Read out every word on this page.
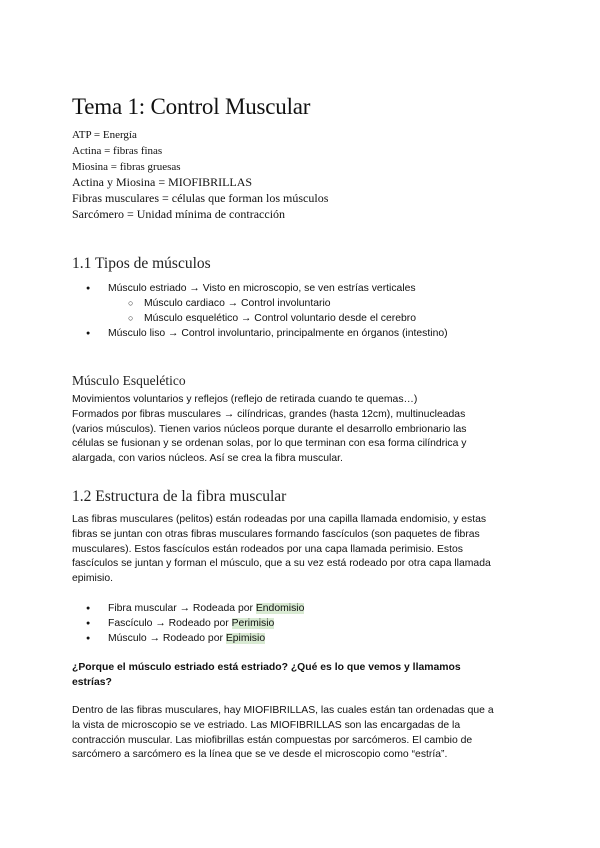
Tema 1: Control Muscular
ATP = Energía
Actina = fibras finas
Miosina = fibras gruesas
Actina y Miosina = MIOFIBRILLAS
Fibras musculares = células que forman los músculos
Sarcómero = Unidad mínima de contracción
1.1 Tipos de músculos
● Músculo estriado → Visto en microscopio, se ven estrías verticales
○ Músculo cardiaco → Control involuntario
○ Músculo esquelético → Control voluntario desde el cerebro
● Músculo liso → Control involuntario, principalmente en órganos (intestino)
Músculo Esquelético
Movimientos voluntarios y reflejos (reflejo de retirada cuando te quemas…)
Formados por fibras musculares → cilíndricas, grandes (hasta 12cm), multinucleadas
(varios músculos). Tienen varios núcleos porque durante el desarrollo embrionario las
células se fusionan y se ordenan solas, por lo que terminan con esa forma cilíndrica y
alargada, con varios núcleos. Así se crea la fibra muscular.
1.2 Estructura de la fibra muscular
Las fibras musculares (pelitos) están rodeadas por una capilla llamada endomisio, y estas
fibras se juntan con otras fibras musculares formando fascículos (son paquetes de fibras
musculares). Estos fascículos están rodeados por una capa llamada perimisio. Estos
fascículos se juntan y forman el músculo, que a su vez está rodeado por otra capa llamada
epimisio.
● Fibra muscular → Rodeada por Endomisio
● Fascículo → Rodeado por Perimisio
● Músculo → Rodeado por Epimisio
¿Porque el músculo estriado está estriado? ¿Qué es lo que vemos y llamamos
estrías?
Dentro de las fibras musculares, hay MIOFIBRILLAS, las cuales están tan ordenadas que a
la vista de microscopio se ve estriado. Las MIOFIBRILLAS son las encargadas de la
contracción muscular. Las miofibrillas están compuestas por sarcómeros. El cambio de
sarcómero a sarcómero es la línea que se ve desde el microscopio como “estría”.
